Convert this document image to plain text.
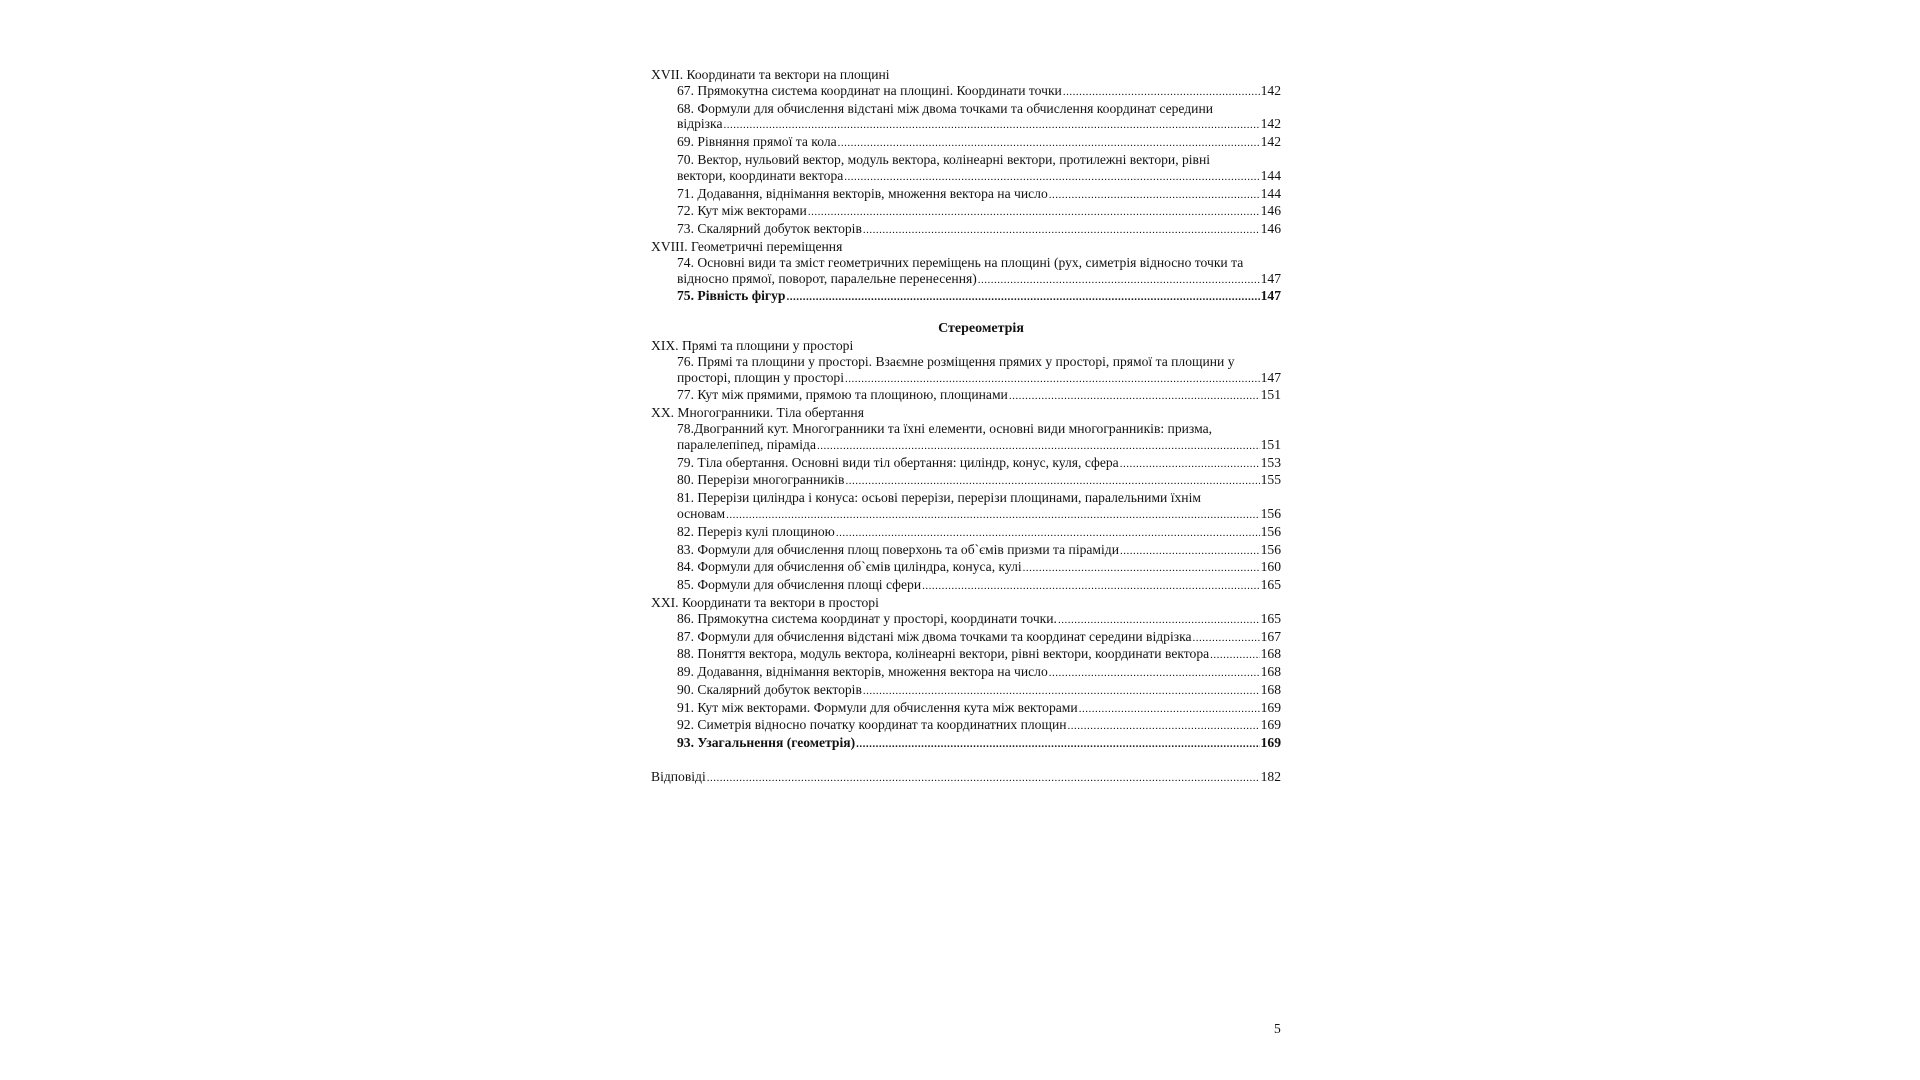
XVII. Координати та вектори на площині
67. Прямокутна система координат на площині. Координати точки .....	142
68. Формули для обчислення відстані між двома точками та обчислення координат середини
відрізка .....	142
69. Рівняння прямої та кола .....	142
70. Вектор, нульовий вектор, модуль вектора, колінеарні вектори, протилежні вектори, рівні
вектори, координати вектора .....	144
71. Додавання, віднімання векторів, множення вектора на число .....	144
72. Кут між векторами .....	146
73. Скалярний добуток векторів .....	146
XVIII. Геометричні переміщення
74. Основні види та зміст геометричних переміщень на площині (рух, симетрія відносно точки та
відносно прямої, поворот, паралельне перенесення) .....	147
75. Рівність фігур .....	147
Стереометрія
XIX. Прямі та площини у просторі
76. Прямі та площини у просторі. Взаємне розміщення прямих у просторі, прямої та площини у
просторі, площин у просторі .....	147
77. Кут між прямими, прямою та площиною, площинами .....	151
XX. Многогранники. Тіла обертання
78.Двогранний кут. Многогранники та їхні елементи, основні види многогранників: призма,
паралелепіпед, піраміда .....	151
79. Тіла обертання. Основні види тіл обертання: циліндр, конус, куля, сфера .....	153
80. Перерізи многогранників .....	155
81. Перерізи циліндра і конуса: осьові перерізи, перерізи площинами, паралельними їхнім
основам .....	156
82. Переріз кулі площиною .....	156
83. Формули для обчислення площ поверхонь та об`ємів призми та піраміди .....	156
84. Формули для обчислення об`ємів циліндра, конуса, кулі .....	160
85. Формули для обчислення площі сфери .....	165
XXI. Координати та вектори в просторі
86. Прямокутна система координат у просторі, координати точки. .....	165
87. Формули для обчислення відстані між двома точками та координат середини відрізка .....	167
88. Поняття вектора, модуль вектора, колінеарні вектори, рівні вектори, координати вектора .....	168
89. Додавання, віднімання векторів, множення вектора на число .....	168
90. Скалярний добуток векторів .....	168
91. Кут між векторами. Формули для обчислення кута між векторами .....	169
92. Симетрія відносно початку координат та координатних площин .....	169
93. Узагальнення (геометрія) .....	169
Відповіді .....	182
5
